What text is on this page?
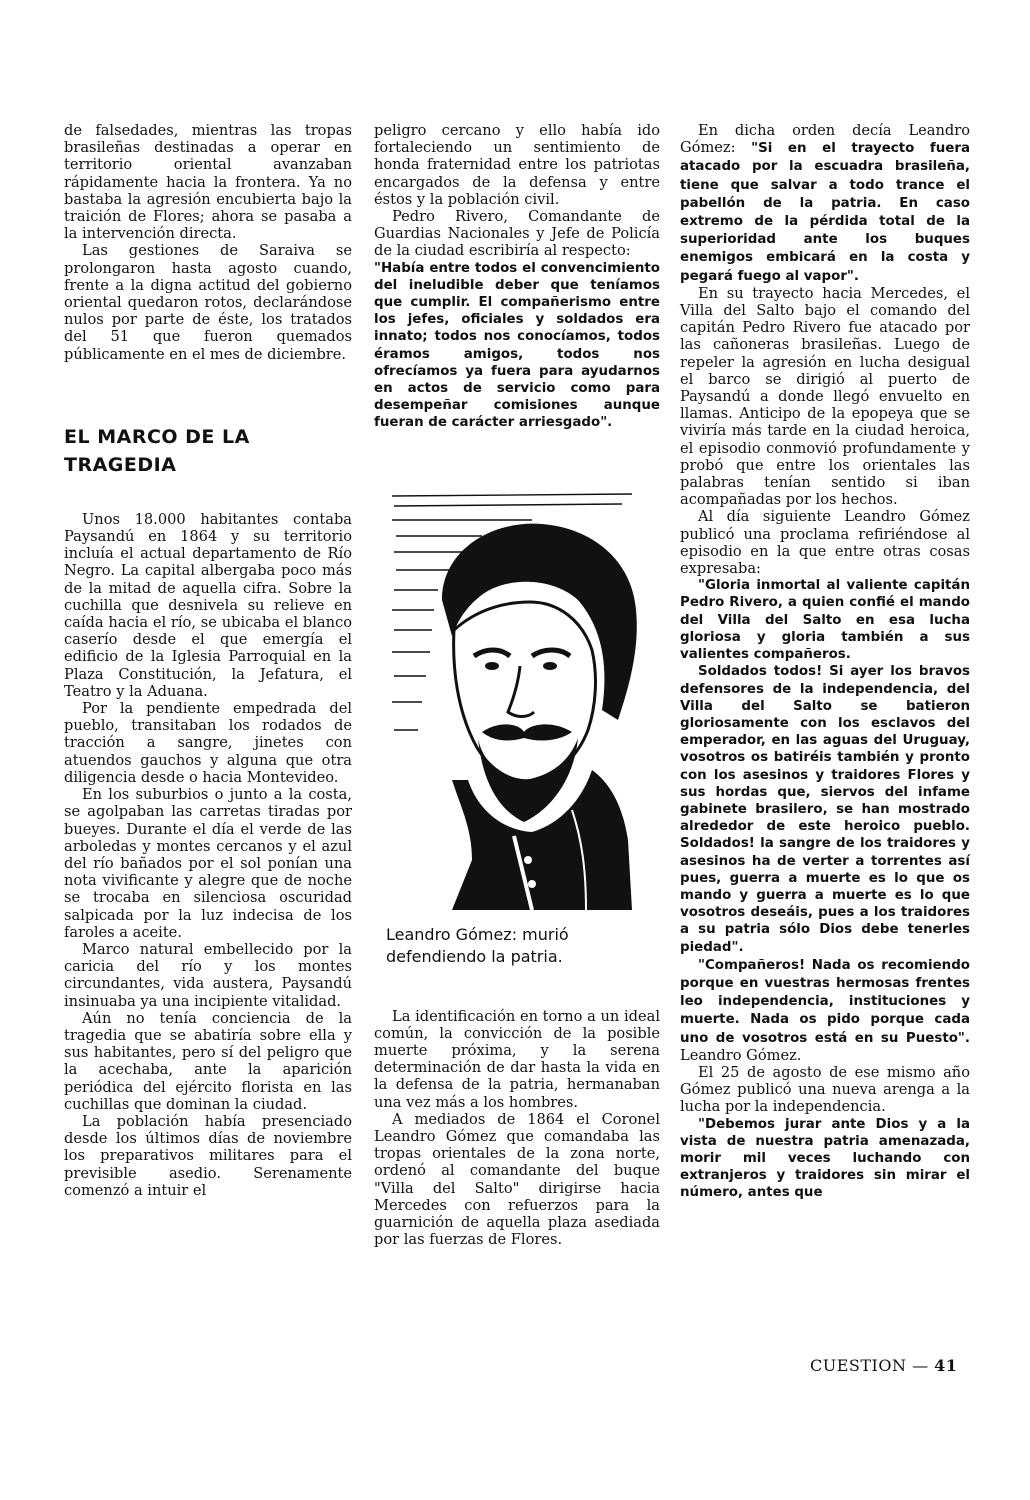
de falsedades, mientras las tropas brasileñas destinadas a operar en territorio oriental avanzaban rápidamente hacia la frontera. Ya no bastaba la agresión encubierta bajo la traición de Flores; ahora se pasaba a la intervención directa.

Las gestiones de Saraiva se prolongaron hasta agosto cuando, frente a la digna actitud del gobierno oriental quedaron rotos, declarándose nulos por parte de éste, los tratados del 51 que fueron quemados públicamente en el mes de diciembre.

EL MARCO DE LA TRAGEDIA

Unos 18.000 habitantes contaba Paysandú en 1864 y su territorio incluía el actual departamento de Río Negro. La capital albergaba poco más de la mitad de aquella cifra. Sobre la cuchilla que desnivela su relieve en caída hacia el río, se ubicaba el blanco caserío desde el que emergía el edificio de la Iglesia Parroquial en la Plaza Constitución, la Jefatura, el Teatro y la Aduana.

Por la pendiente empedrada del pueblo, transitaban los rodados de tracción a sangre, jinetes con atuendos gauchos y alguna que otra diligencia desde o hacia Montevideo.

En los suburbios o junto a la costa, se agolpaban las carretas tiradas por bueyes. Durante el día el verde de las arboledas y montes cercanos y el azul del río bañados por el sol ponían una nota vivificante y alegre que de noche se trocaba en silenciosa oscuridad salpicada por la luz indecisa de los faroles a aceite.

Marco natural embellecido por la caricia del río y los montes circundantes, vida austera, Paysandú insinuaba ya una incipiente vitalidad.

Aún no tenía conciencia de la tragedia que se abatiría sobre ella y sus habitantes, pero sí del peligro que la acechaba, ante la aparición periódica del ejército florista en las cuchillas que dominan la ciudad.

La población había presenciado desde los últimos días de noviembre los preparativos militares para el previsible asedio. Serenamente comenzó a intuir el

peligro cercano y ello había ido fortaleciendo un sentimiento de honda fraternidad entre los patriotas encargados de la defensa y entre éstos y la población civil.

Pedro Rivero, Comandante de Guardias Nacionales y Jefe de Policía de la ciudad escribiría al respecto:

"Había entre todos el convencimiento del ineludible deber que teníamos que cumplir. El compañerismo entre los jefes, oficiales y soldados era innato; todos nos conocíamos, todos éramos amigos, todos nos ofrecíamos ya fuera para ayudarnos en actos de servicio como para desempeñar comisiones aunque fueran de carácter arriesgado".

Leandro Gómez: murió defendiendo la patria.

La identificación en torno a un ideal común, la convicción de la posible muerte próxima, y la serena determinación de dar hasta la vida en la defensa de la patria, hermanaban una vez más a los hombres.

A mediados de 1864 el Coronel Leandro Gómez que comandaba las tropas orientales de la zona norte, ordenó al comandante del buque "Villa del Salto" dirigirse hacia Mercedes con refuerzos para la guarnición de aquella plaza asediada por las fuerzas de Flores.

En dicha orden decía Leandro Gómez: "Si en el trayecto fuera atacado por la escuadra brasileña, tiene que salvar a todo trance el pabellón de la patria. En caso extremo de la pérdida total de la superioridad ante los buques enemigos embicará en la costa y pegará fuego al vapor".

En su trayecto hacia Mercedes, el Villa del Salto bajo el comando del capitán Pedro Rivero fue atacado por las cañoneras brasileñas. Luego de repeler la agresión en lucha desigual el barco se dirigió al puerto de Paysandú a donde llegó envuelto en llamas. Anticipo de la epopeya que se viviría más tarde en la ciudad heroica, el episodio conmovió profundamente y probó que entre los orientales las palabras tenían sentido si iban acompañadas por los hechos.

Al día siguiente Leandro Gómez publicó una proclama refiriéndose al episodio en la que entre otras cosas expresaba:

"Gloria inmortal al valiente capitán Pedro Rivero, a quien confié el mando del Villa del Salto en esa lucha gloriosa y gloria también a sus valientes compañeros.

Soldados todos! Si ayer los bravos defensores de la independencia, del Villa del Salto se batieron gloriosamente con los esclavos del emperador, en las aguas del Uruguay, vosotros os batiréis también y pronto con los asesinos y traidores Flores y sus hordas que, siervos del infame gabinete brasilero, se han mostrado alrededor de este heroico pueblo. Soldados! la sangre de los traidores y asesinos ha de verter a torrentes así pues, guerra a muerte es lo que os mando y guerra a muerte es lo que vosotros deseáis, pues a los traidores a su patria sólo Dios debe tenerles piedad".

"Compañeros! Nada os recomiendo porque en vuestras hermosas frentes leo independencia, instituciones y muerte. Nada os pido porque cada uno de vosotros está en su Puesto". Leandro Gómez.

El 25 de agosto de ese mismo año Gómez publicó una nueva arenga a la lucha por la independencia.

"Debemos jurar ante Dios y a la vista de nuestra patria amenazada, morir mil veces luchando con extranjeros y traidores sin mirar el número, antes que

CUESTION — 41
